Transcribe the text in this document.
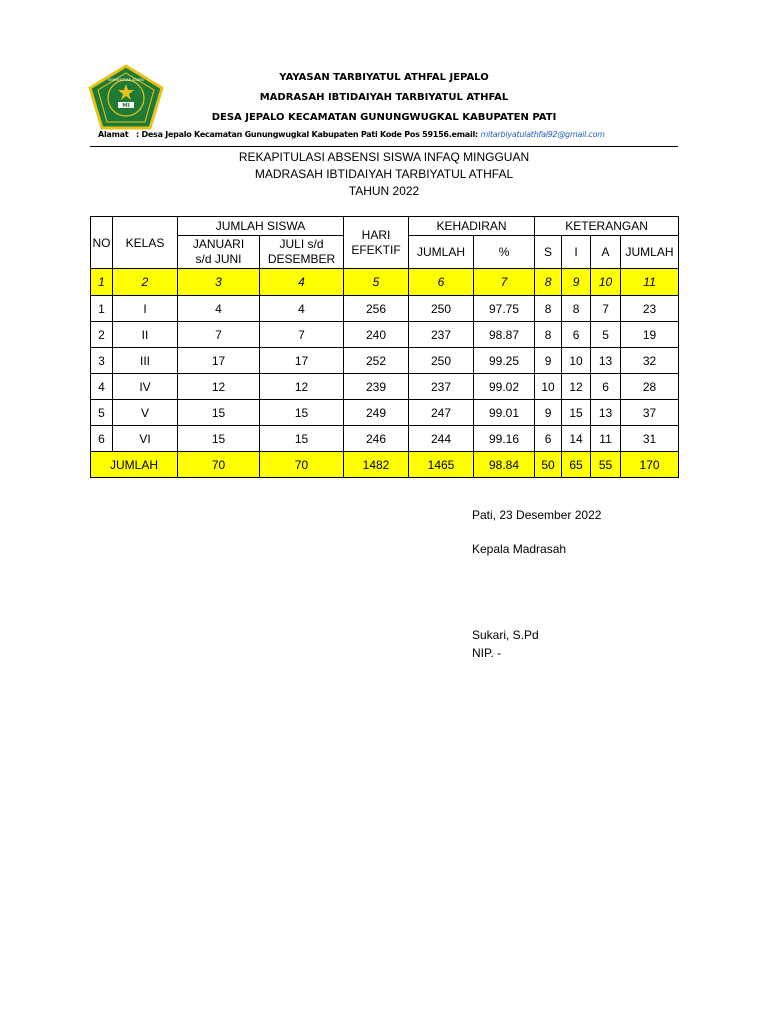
MI
KEMENTERIAN AGAMA	YAYASAN TARBIYATUL ATHFAL JEPALO
MADRASAH IBTIDAIYAH TARBIYATUL ATHFAL
DESA JEPALO KECAMATAN GUNUNGWUGKAL KABUPATEN PATI
Alamat : Desa Jepalo Kecamatan Gunungwugkal Kabupaten Pati Kode Pos 59156.email: mitarbiyatulathfal92@gmail.com
REKAPITULASI ABSENSI SISWA INFAQ MINGGUAN
MADRASAH IBTIDAIYAH TARBIYATUL ATHFAL
TAHUN 2022
NO	KELAS	JUMLAH SISWA		HARI EFEKTIF	KEHADIRAN		KETERANGAN			
		JANUARI s/d JUNI	JULI s/d DESEMBER		JUMLAH	%	S	I	A	JUMLAH
1	2	3	4	5	6	7	8	9	10	11
1	I	4	4	256	250	97.75	8	8	7	23
2	II	7	7	240	237	98.87	8	6	5	19
3	III	17	17	252	250	99.25	9	10	13	32
4	IV	12	12	239	237	99.02	10	12	6	28
5	V	15	15	249	247	99.01	9	15	13	37
6	VI	15	15	246	244	99.16	6	14	11	31
JUMLAH		70	70	1482	1465	98.84	50	65	55	170
Pati, 23 Desember 2022
Kepala Madrasah
Sukari, S.Pd
NIP. -
